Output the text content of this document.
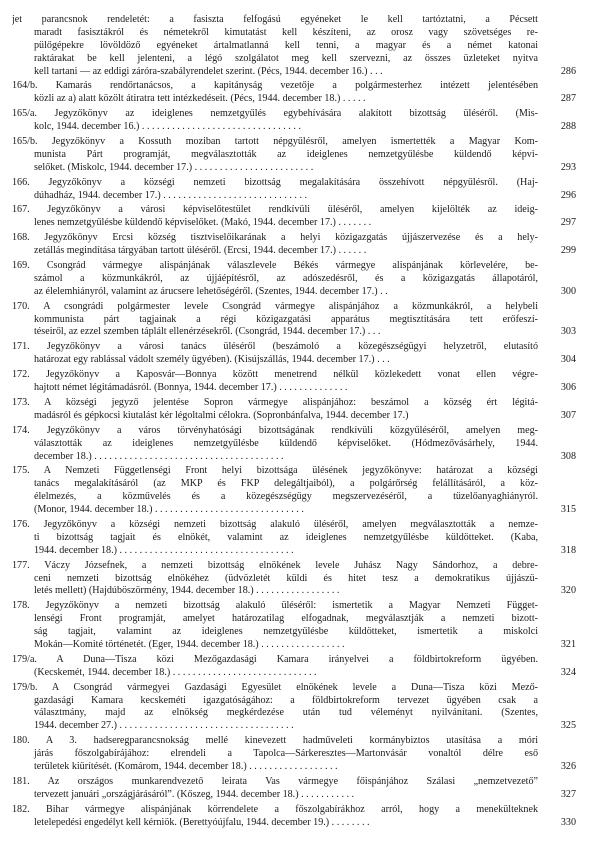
jet parancsnok rendeletét: a fasiszta felfogású egyéneket le kell tartóztatni, a Pécsett
maradt fasisztákról és németekről kimutatást kell készíteni, az orosz vagy szövetséges re-
pülőgépekre lövöldöző egyéneket ártalmatlanná kell tenni, a magyar és a német katonai
raktárakat be kell jelenteni, a légó szolgálatot meg kell szervezni, az összes üzleteket nyitva
kell tartani — az eddigi záróra-szabályrendelet szerint. (Pécs, 1944. december 16.) . . .	286
164/b. Kamarás rendőrtanácsos, a kapitányság vezetője a polgármesterhez intézett jelentésében
közli az a) alatt közölt átiratra tett intézkedéseit. (Pécs, 1944. december 18.) . . . . .	287
165/a. Jegyzőkönyv az ideiglenes nemzetgyűlés egybehívására alakított bizottság üléséről. (Mis-
kolc, 1944. december 16.) . . . . . . . . . . . . . . . . . . . . . . . . . . . . . . . .	288
165/b. Jegyzőkönyv a Kossuth moziban tartott népgyűlésről, amelyen ismertették a Magyar Kom-
munista Párt programját, megválasztották az ideiglenes nemzetgyűlésbe küldendő képvi-
selőket. (Miskolc, 1944. december 17.) . . . . . . . . . . . . . . . . . . . . . . . .	293
166. Jegyzőkönyv a községi nemzeti bizottság megalakítására összehívott népgyűlésről. (Haj-
dúhadház, 1944. december 17.) . . . . . . . . . . . . . . . . . . . . . . . . . . . . .	296
167. Jegyzőkönyv a városi képviselőtestület rendkívüli üléséről, amelyen kijelölték az ideig-
lenes nemzetgyűlésbe küldendő képviselőket. (Makó, 1944. december 17.) . . . . . . .	297
168. Jegyzőkönyv Ercsi község tisztviselőikarának a helyi közigazgatás újjászervezése és a hely-
zetállás megindítása tárgyában tartott üléséről. (Ercsi, 1944. december 17.) . . . . . .	299
169. Csongrád vármegye alispánjának válaszlevele Békés vármegye alispánjának körlevelére, be-
számol a közmunkákról, az újjáépítésről, az adószedésről, és a közigazgatás állapotáról,
az élelemhiányról, valamint az árucsere lehetőségéről. (Szentes, 1944. december 17.) . .	300
170. A csongrádi polgármester levele Csongrád vármegye alispánjához a közmunkákról, a helybeli
kommunista párt tagjainak a régi közigazgatási apparátus megtisztítására tett erőfeszí-
téseiről, az ezzel szemben táplált ellenérzésekről. (Csongrád, 1944. december 17.) . . .	303
171. Jegyzőkönyv a városi tanács üléséről (beszámoló a közegészségügyi helyzetről, elutasító
határozat egy rablással vádolt személy ügyében). (Kisújszállás, 1944. december 17.) . . .	304
172. Jegyzőkönyv a Kaposvár—Bonnya között menetrend nélkül közlekedett vonat ellen végre-
hajtott német légitámadásról. (Bonnya, 1944. december 17.) . . . . . . . . . . . . . .	306
173. A községi jegyző jelentése Sopron vármegye alispánjához: beszámol a község ért légitá-
madásról és gépkocsi kiutalást kér légoltalmi célokra. (Sopronbánfalva, 1944. december 17.)	307
174. Jegyzőkönyv a város törvényhatósági bizottságának rendkívüli közgyűléséről, amelyen meg-
választották az ideiglenes nemzetgyűlésbe küldendő képviselőket. (Hódmezővásárhely, 1944.
december 18.) . . . . . . . . . . . . . . . . . . . . . . . . . . . . . . . . . . . . . .	308
175. A Nemzeti Függetlenségi Front helyi bizottsága ülésének jegyzőkönyve: határozat a községi
tanács megalakításáról (az MKP és FKP delegáltjaiból), a polgárőrség felállításáról, a köz-
élelmezés, a közművelés és a közegészségügy megszervezéséről, a tüzelőanyaghiányról.
(Monor, 1944. december 18.) . . . . . . . . . . . . . . . . . . . . . . . . . . . . . .	315
176. Jegyzőkönyv a községi nemzeti bizottság alakuló üléséről, amelyen megválasztották a nemze-
ti bizottság tagjait és elnökét, valamint az ideiglenes nemzetgyűlésbe küldötteket. (Kaba,
1944. december 18.) . . . . . . . . . . . . . . . . . . . . . . . . . . . . . . . . . . .	318
177. Váczy Józsefnek, a nemzeti bizottság elnökének levele Juhász Nagy Sándorhoz, a debre-
ceni nemzeti bizottság elnökéhez (üdvözletét küldi és hitet tesz a demokratikus újjászü-
letés mellett) (Hajdúböszörmény, 1944. december 18.) . . . . . . . . . . . . . . . . .	320
178. Jegyzőkönyv a nemzeti bizottság alakuló üléséről: ismertetik a Magyar Nemzeti Függet-
lenségi Front programját, amelyet határozatilag elfogadnak, megválasztják a nemzeti bizott-
ság tagjait, valamint az ideiglenes nemzetgyűlésbe küldötteket, ismertetik a miskolci
Mokán—Komité történetét. (Eger, 1944. december 18.) . . . . . . . . . . . . . . . . .	321
179/a. A Duna—Tisza közi Mezőgazdasági Kamara irányelvei a földbirtokreform ügyében.
(Kecskemét, 1944. december 18.) . . . . . . . . . . . . . . . . . . . . . . . . . . . . .	324
179/b. A Csongrád vármegyei Gazdasági Egyesület elnökének levele a Duna—Tisza közi Mező-
gazdasági Kamara kecskeméti igazgatóságához: a földbirtokreform tervezet ügyében csak a
választmány, majd az elnökség megkérdezése után tud véleményt nyilvánítani. (Szentes,
1944. december 27.) . . . . . . . . . . . . . . . . . . . . . . . . . . . . . . . . . . .	325
180. A 3. hadseregparancsnokság mellé kinevezett hadműveleti kormánybiztos utasítása a móri
járás főszolgabírájához: elrendeli a Tapolca—Sárkeresztes—Martonvásár vonaltól délre eső
területek kiürítését. (Komárom, 1944. december 18.) . . . . . . . . . . . . . . . . . .	326
181. Az országos munkarendvezető leirata Vas vármegye főispánjához Szálasi „nemzetvezető”
tervezett januári „országjárásáról”. (Kőszeg, 1944. december 18.) . . . . . . . . . . .	327
182. Bihar vármegye alispánjának körrendelete a főszolgabírákhoz arról, hogy a menekülteknek
letelepedési engedélyt kell kérniök. (Berettyóújfalu, 1944. december 19.) . . . . . . . .	330
